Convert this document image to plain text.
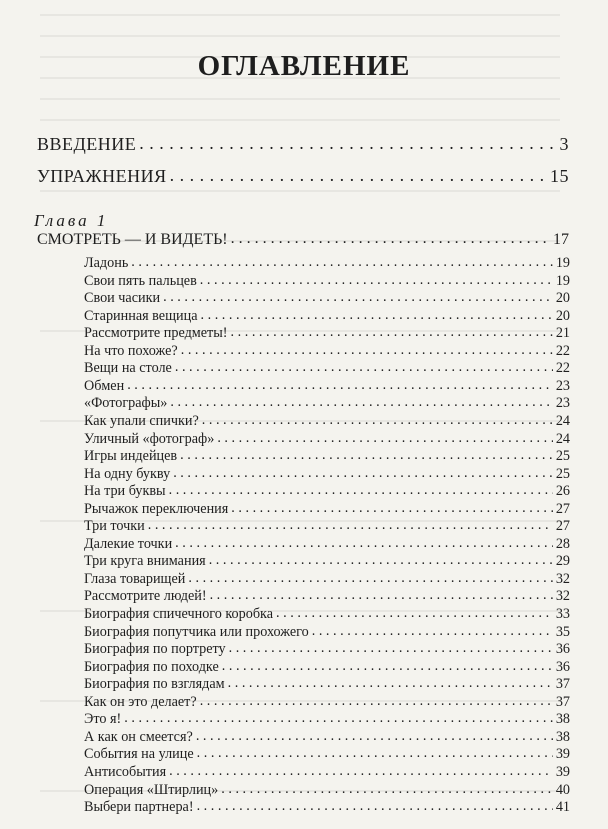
ОГЛАВЛЕНИЕ
ВВЕДЕНИЕ . . .	3
УПРАЖНЕНИЯ . . .	15
Глава 1
СМОТРЕТЬ — И ВИДЕТЬ! . . .	17
Ладонь . . .	19
Свои пять пальцев . . .	19
Свои часики . . .	20
Старинная вещица . . .	20
Рассмотрите предметы! . . .	21
На что похоже? . . .	22
Вещи на столе . . .	22
Обмен . . .	23
«Фотографы» . . .	23
Как упали спички? . . .	24
Уличный «фотограф» . . .	24
Игры индейцев . . .	25
На одну букву . . .	25
На три буквы . . .	26
Рычажок переключения . . .	27
Три точки . . .	27
Далекие точки . . .	28
Три круга внимания . . .	29
Глаза товарищей . . .	32
Рассмотрите людей! . . .	32
Биография спичечного коробка . . .	33
Биография попутчика или прохожего . . .	35
Биография по портрету . . .	36
Биография по походке . . .	36
Биография по взглядам . . .	37
Как он это делает? . . .	37
Это я! . . .	38
А как он смеется? . . .	38
События на улице . . .	39
Антисобытия . . .	39
Операция «Штирлиц» . . .	40
Выбери партнера! . . .	41
